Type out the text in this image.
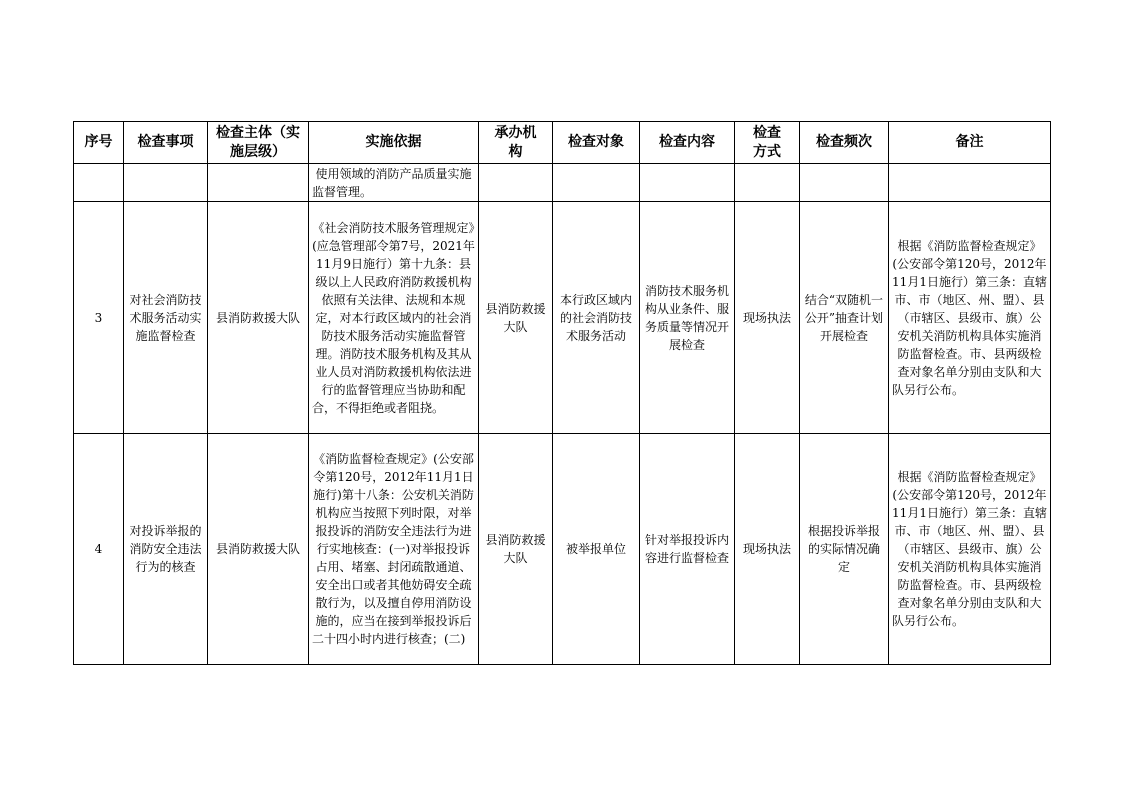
序号	检查事项	检查主体（实施层级）	实施依据	承办机构	检查对象	检查内容	检查方式	检查频次	备注
			使用领域的消防产品质量实施监督管理。						
3	对社会消防技术服务活动实施监督检查	县消防救援大队	《社会消防技术服务管理规定》(应急管理部令第7号，2021年11月9日施行）第十九条：县级以上人民政府消防救援机构依照有关法律、法规和本规定，对本行政区域内的社会消防技术服务活动实施监督管理。消防技术服务机构及其从业人员对消防救援机构依法进行的监督管理应当协助和配合，不得拒绝或者阻挠。	县消防救援大队	本行政区域内的社会消防技术服务活动	消防技术服务机构从业条件、服务质量等情况开展检查	现场执法	结合“双随机一公开”抽查计划开展检查	根据《消防监督检查规定》(公安部令第120号，2012年11月1日施行）第三条：直辖市、市（地区、州、盟）、县（市辖区、县级市、旗）公安机关消防机构具体实施消防监督检查。市、县两级检查对象名单分别由支队和大队另行公布。
4	对投诉举报的消防安全违法行为的核查	县消防救援大队	《消防监督检查规定》(公安部令第120号，2012年11月1日施行)第十八条：公安机关消防机构应当按照下列时限，对举报投诉的消防安全违法行为进行实地核查：(一)对举报投诉占用、堵塞、封闭疏散通道、安全出口或者其他妨碍安全疏散行为，以及擅自停用消防设施的，应当在接到举报投诉后二十四小时内进行核查；(二)	县消防救援大队	被举报单位	针对举报投诉内容进行监督检查	现场执法	根据投诉举报的实际情况确定	根据《消防监督检查规定》(公安部令第120号，2012年11月1日施行）第三条：直辖市、市（地区、州、盟）、县（市辖区、县级市、旗）公安机关消防机构具体实施消防监督检查。市、县两级检查对象名单分别由支队和大队另行公布。
